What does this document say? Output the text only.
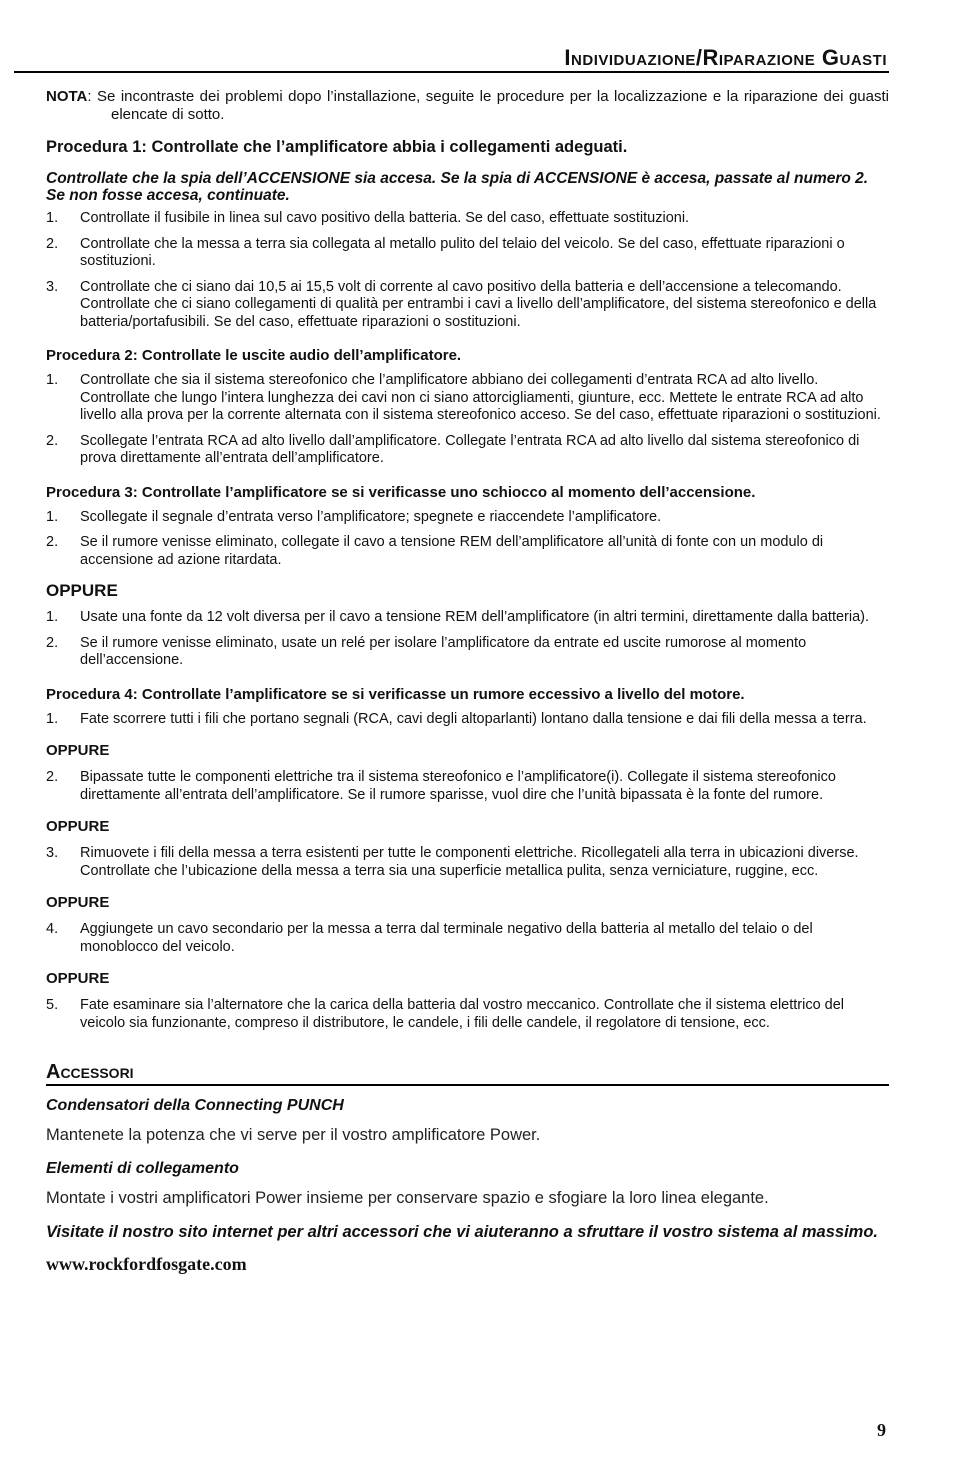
Individuazione/Riparazione Guasti

NOTA: Se incontraste dei problemi dopo l’installazione, seguite le procedure per la localizzazione e la riparazione dei guasti elencate di sotto.

Procedura 1: Controllate che l’amplificatore abbia i collegamenti adeguati.
Controllate che la spia dell’ACCENSIONE sia accesa. Se la spia di ACCENSIONE è accesa, passate al numero 2. Se non fosse accesa, continuate.
1. Controllate il fusibile in linea sul cavo positivo della batteria. Se del caso, effettuate sostituzioni.
2. Controllate che la messa a terra sia collegata al metallo pulito del telaio del veicolo. Se del caso, effettuate riparazioni o sostituzioni.
3. Controllate che ci siano dai 10,5 ai 15,5 volt di corrente al cavo positivo della batteria e dell’accensione a telecomando. Controllate che ci siano collegamenti di qualità per entrambi i cavi a livello dell’amplificatore, del sistema stereofonico e della batteria/portafusibili. Se del caso, effettuate riparazioni o sostituzioni.
Procedura 2: Controllate le uscite audio dell’amplificatore.
1. Controllate che sia il sistema stereofonico che l’amplificatore abbiano dei collegamenti d’entrata RCA ad alto livello. Controllate che lungo l’intera lunghezza dei cavi non ci siano attorcigliamenti, giunture, ecc. Mettete le entrate RCA ad alto livello alla prova per la corrente alternata con il sistema stereofonico acceso. Se del caso, effettuate riparazioni o sostituzioni.
2. Scollegate l’entrata RCA ad alto livello dall’amplificatore. Collegate l’entrata RCA ad alto livello dal sistema stereofonico di prova direttamente all’entrata dell’amplificatore.
Procedura 3: Controllate l’amplificatore se si verificasse uno schiocco al momento dell’accensione.
1. Scollegate il segnale d’entrata verso l’amplificatore; spegnete e riaccendete l’amplificatore.
2. Se il rumore venisse eliminato, collegate il cavo a tensione REM dell’amplificatore all’unità di fonte con un modulo di accensione ad azione ritardata.
OPPURE
1. Usate una fonte da 12 volt diversa per il cavo a tensione REM dell’amplificatore (in altri termini, direttamente dalla batteria).
2. Se il rumore venisse eliminato, usate un relé per isolare l’amplificatore da entrate ed uscite rumorose al momento dell’accensione.
Procedura 4: Controllate l’amplificatore se si verificasse un rumore eccessivo a livello del motore.
1. Fate scorrere tutti i fili che portano segnali (RCA, cavi degli altoparlanti) lontano dalla tensione e dai fili della messa a terra.
OPPURE
2. Bipassate tutte le componenti elettriche tra il sistema stereofonico e l’amplificatore(i). Collegate il sistema stereofonico direttamente all’entrata dell’amplificatore. Se il rumore sparisse, vuol dire che l’unità bipassata è la fonte del rumore.
OPPURE
3. Rimuovete i fili della messa a terra esistenti per tutte le componenti elettriche. Ricollegateli alla terra in ubicazioni diverse. Controllate che l’ubicazione della messa a terra sia una superficie metallica pulita, senza verniciature, ruggine, ecc.
OPPURE
4. Aggiungete un cavo secondario per la messa a terra dal terminale negativo della batteria al metallo del telaio o del monoblocco del veicolo.
OPPURE
5. Fate esaminare sia l’alternatore che la carica della batteria dal vostro meccanico. Controllate che il sistema elettrico del veicolo sia funzionante, compreso il distributore, le candele, i fili delle candele, il regolatore di tensione, ecc.
Accessori
Condensatori della Connecting PUNCH

Mantenete la potenza che vi serve per il vostro amplificatore Power.

Elementi di collegamento

Montate i vostri amplificatori Power insieme per conservare spazio e sfogiare la loro linea elegante.

Visitate il nostro sito internet per altri accessori che vi aiuteranno a sfruttare il vostro sistema al massimo.

www.rockfordfosgate.com

9
